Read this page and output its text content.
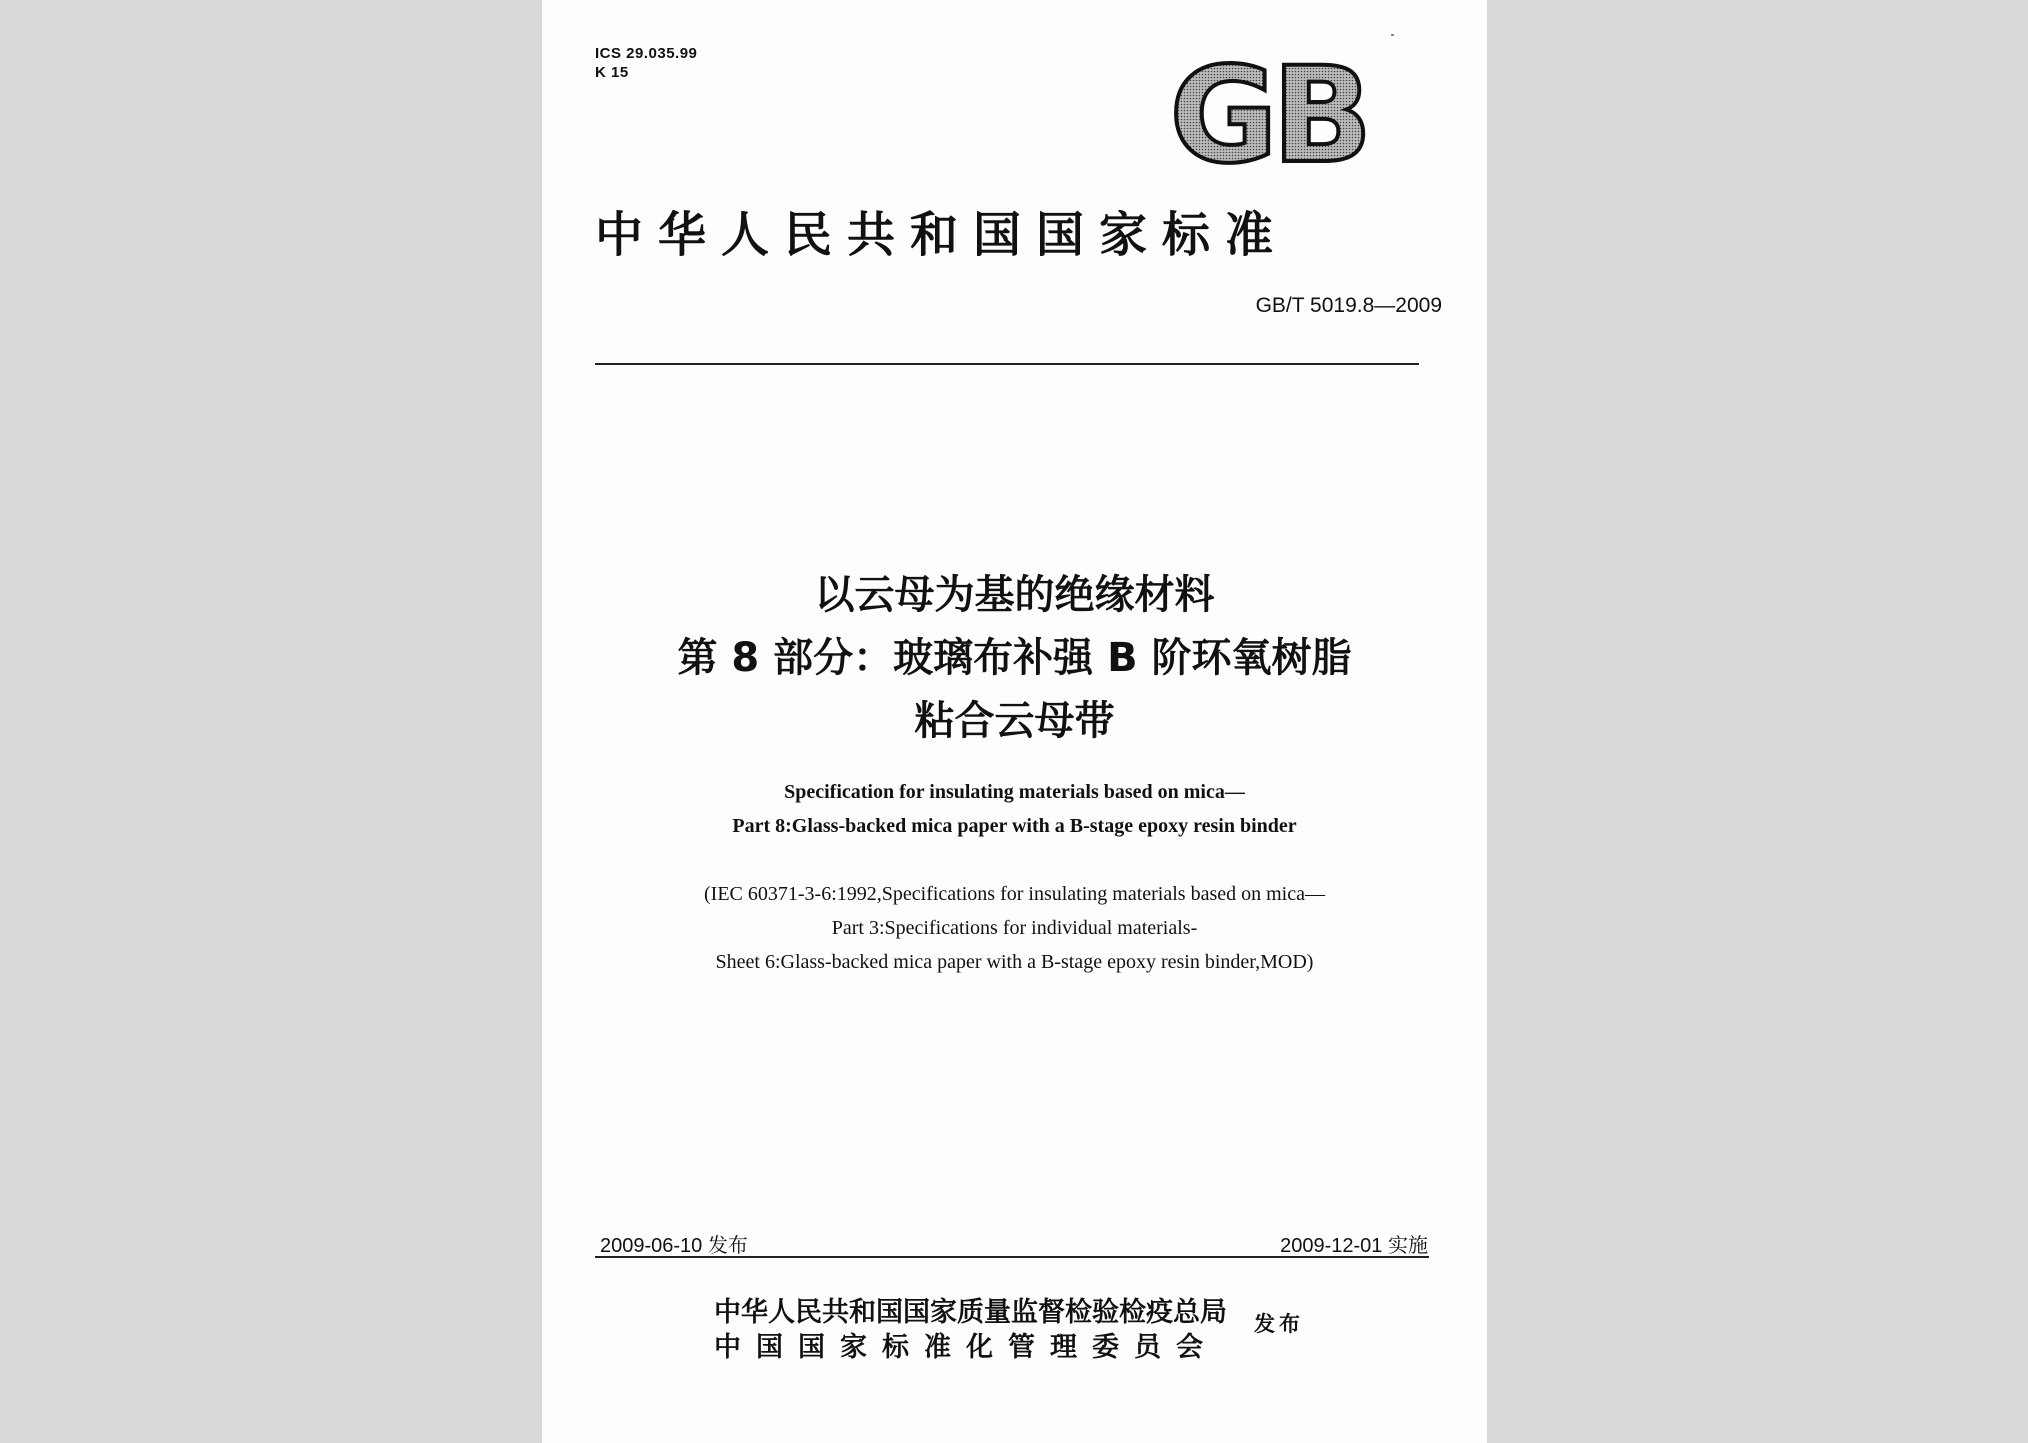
ICS 29.035.99
K 15	GB
中华人民共和国国家标准
GB/T 5019.8—2009
以云母为基的绝缘材料
第 8 部分：玻璃布补强 B 阶环氧树脂
粘合云母带
Specification for insulating materials based on mica—
Part 8:Glass-backed mica paper with a B-stage epoxy resin binder
(IEC 60371-3-6:1992,Specifications for insulating materials based on mica—
Part 3:Specifications for individual materials-
Sheet 6:Glass-backed mica paper with a B-stage epoxy resin binder,MOD)
2009-06-10 发布	2009-12-01 实施
中华人民共和国国家质量监督检验检疫总局
中国国家标准化管理委员会
发布
